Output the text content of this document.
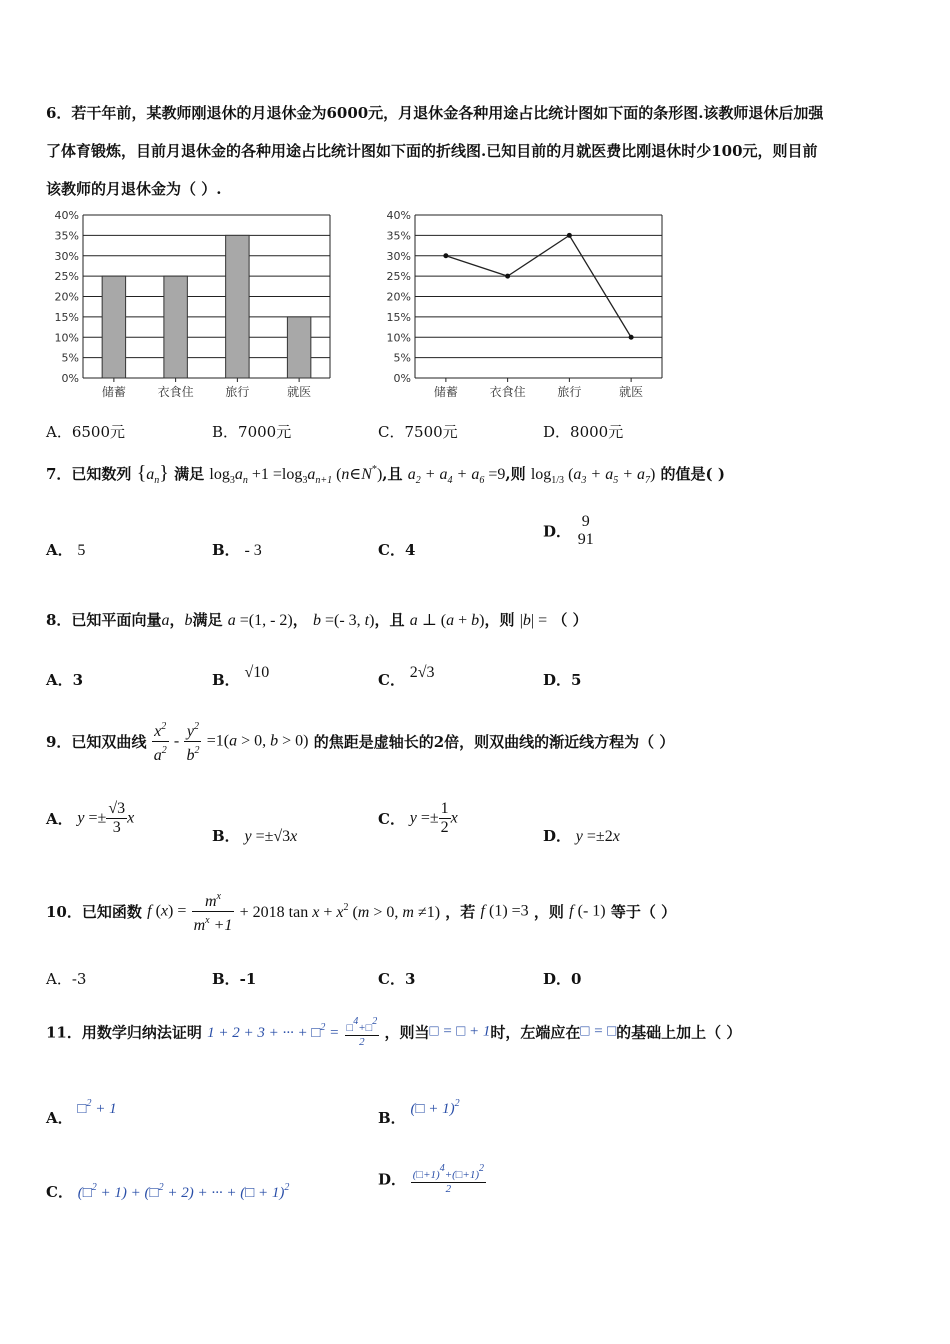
6．若干年前，某教师刚退休的月退休金为6000元，月退休金各种用途占比统计图如下面的条形图.该教师退休后加强
了体育锻炼，目前月退休金的各种用途占比统计图如下面的折线图.已知目前的月就医费比刚退休时少100元，则目前
该教师的月退休金为（ ）.
0%
5%
10%
15%
20%
25%
30%
35%
40%
储蓄	衣食住	旅行	就医
0%
5%
10%
15%
20%
25%
30%
35%
40%
储蓄	衣食住	旅行	就医
A．6500元	B．7000元	C．7500元	D．8000元
7．已知数列 $\{a_n\}$ 满足 $\log_3a_n +1 =\log_3a_{n+1}$ (n∈N*),且 $a_2 + a_4 + a_6 =9$,则 $\log_{1/3} (a_3 + a_5 + a_7)$ 的值是( )
A． 5	B． - 3	C．4
D．
9
91
8．已知平面向量a，b满足 a =(1, - 2)， b =(- 3, t)，且 a ⊥ (a + b)，则 |b| = （ ）
A．3	B． √10	C． 2√3	D．5
9．已知双曲线 $\frac{x^2}{a^2} - \frac{y^2}{b^2} =1(a > 0$, b > 0) 的焦距是虚轴长的2倍，则双曲线的渐近线方程为（ ）
A． $y =\pm \frac{√3}{3}$ x
B． y =±√3x
C． $y =\pm \frac{1}{2}$ x
D． y =±2x
10．已知函数 f $(x) = \frac{m^x}{m^x +1} + 2018$ $\tan x + x^2$ (m > 0, m ≠1) ，若 f (1) =3 ，则 f (- 1) 等于（ ）
A．-3	B．-1	C．3	D．0
11．用数学归纳法证明 1 + 2 + 3 + ··· + □$^2$ = $\frac{□4+□2}{2}$ ，则当□ = □ + 1时，左端应在□ = □的基础上加上（ ）
A． □$^2$ + 1	B． (□ + 1)$^2$
C． (□$^2$ + 1) + (□$^2$ + 2) + ··· + (□ + 1)$^2$	D． $\frac{(□+1)4+(□+1)2}{2}$
